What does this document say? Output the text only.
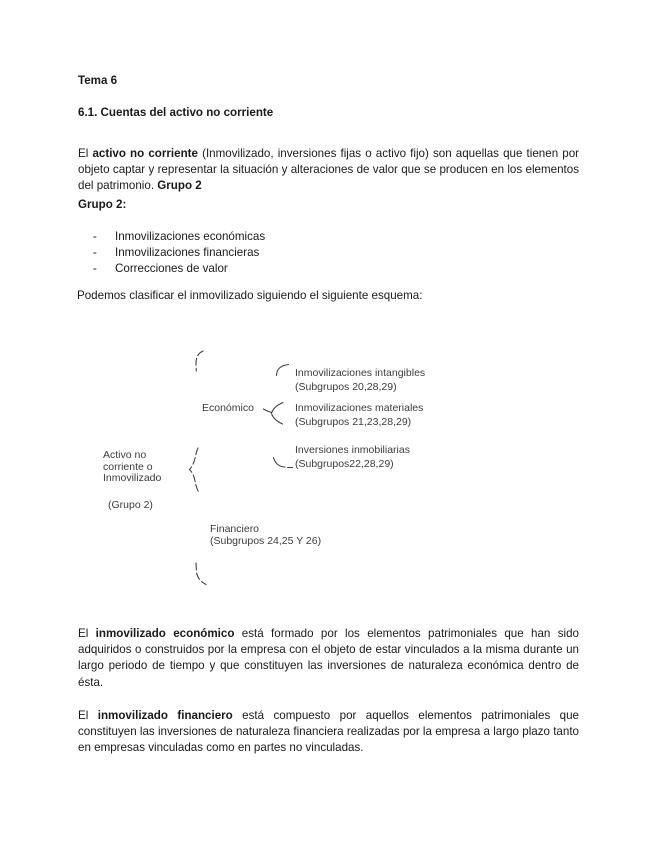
Tema 6
6.1. Cuentas del activo no corriente

El activo no corriente (Inmovilizado, inversiones fijas o activo fijo) son aquellas que tienen por objeto captar y representar la situación y alteraciones de valor que se producen en los elementos del patrimonio. Grupo 2

Grupo 2:
- Inmovilizaciones económicas
- Inmovilizaciones financieras
- Correcciones de valor
Podemos clasificar el inmovilizado siguiendo el siguiente esquema:
Activo no
corriente o
Inmovilizado
(Grupo 2)
Económico
Inmovilizaciones intangibles
(Subgrupos 20,28,29)
Inmovilizaciones materiales
(Subgrupos 21,23,28,29)
Inversiones inmobiliarias
(Subgrupos22,28,29)
Financiero
(Subgrupos 24,25 Y 26)

El inmovilizado económico está formado por los elementos patrimoniales que han sido adquiridos o construidos por la empresa con el objeto de estar vinculados a la misma durante un largo periodo de tiempo y que constituyen las inversiones de naturaleza económica dentro de ésta.

El inmovilizado financiero está compuesto por aquellos elementos patrimoniales que constituyen las inversiones de naturaleza financiera realizadas por la empresa a largo plazo tanto en empresas vinculadas como en partes no vinculadas.
